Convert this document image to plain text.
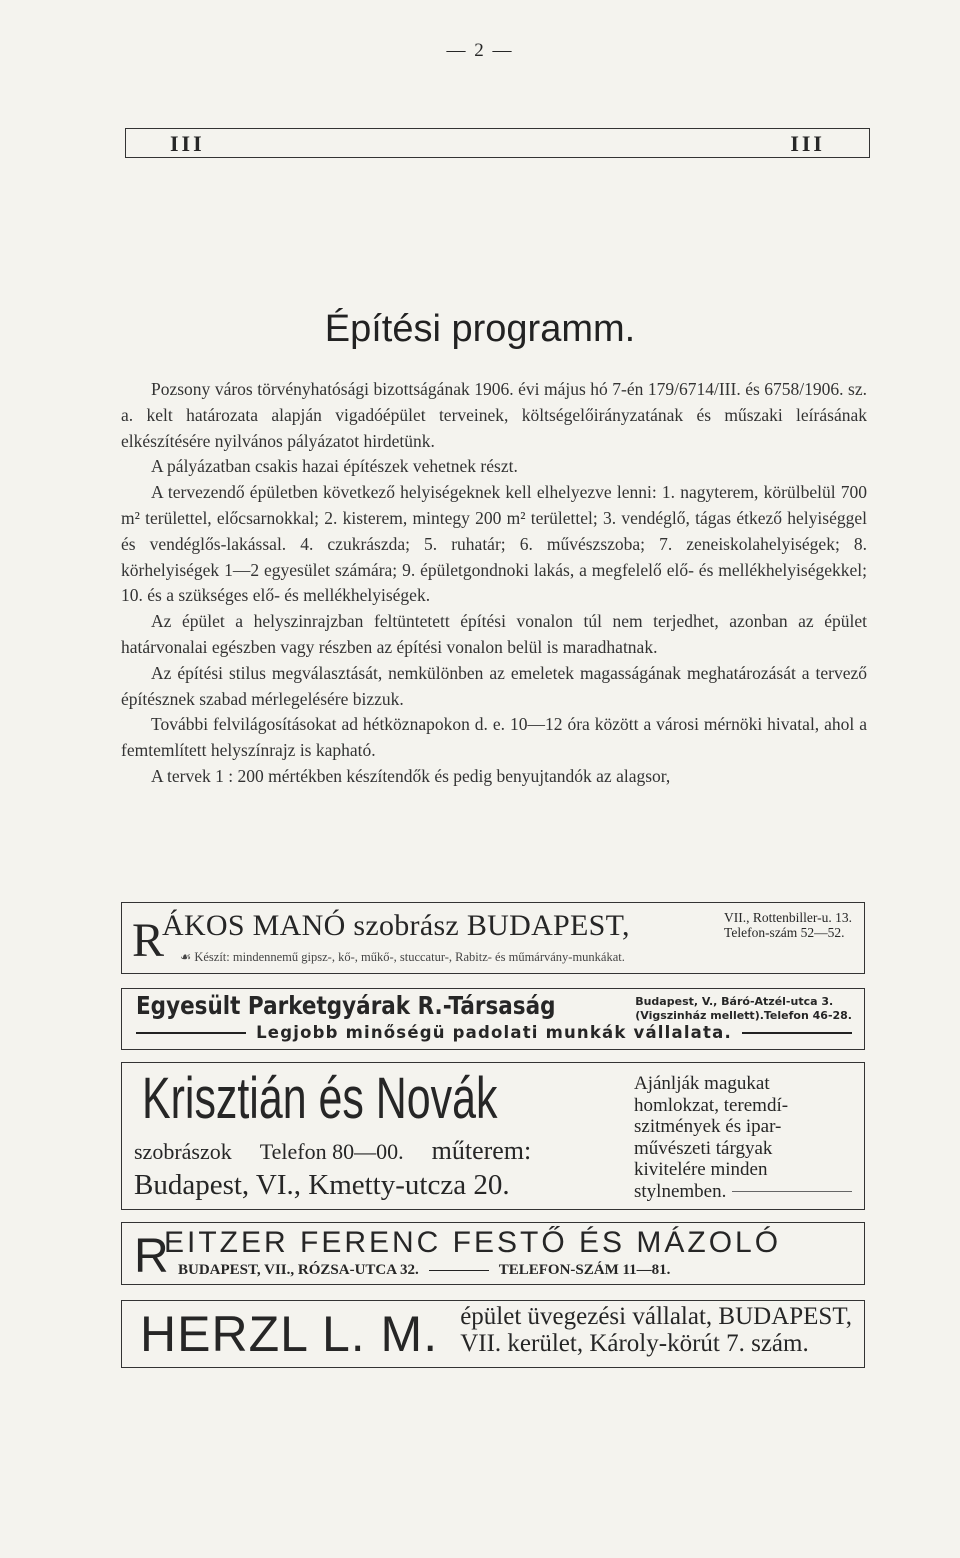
— 2 —
III	III
Építési programm.

Pozsony város törvényhatósági bizottságának 1906. évi május hó 7-én 179/6714/III. és 6758/1906. sz. a. kelt határozata alapján vigadóépület terveinek, költségelőirányzatának és műszaki leírásának elkészítésére nyilvános pályázatot hirdetünk.

A pályázatban csakis hazai építészek vehetnek részt.

A tervezendő épületben következő helyiségeknek kell elhelyezve lenni: 1. nagyterem, körülbelül 700 m² területtel, előcsarnokkal; 2. kisterem, mintegy 200 m² területtel; 3. vendéglő, tágas étkező helyiséggel és vendéglős-lakással. 4. czukrászda; 5. ruhatár; 6. művészszoba; 7. zeneiskolahelyiségek; 8. körhelyiségek 1—2 egyesület számára; 9. épületgondnoki lakás, a megfelelő elő- és mellékhelyiségekkel; 10. és a szükséges elő- és mellékhelyiségek.

Az épület a helyszinrajzban feltüntetett építési vonalon túl nem terjedhet, azonban az épület határvonalai egészben vagy részben az építési vonalon belül is maradhatnak.

Az építési stilus megválasztását, nemkülönben az emeletek magasságának meghatározását a tervező építésznek szabad mérlegelésére bizzuk.

További felvilágosításokat ad hétköznapokon d. e. 10—12 óra között a városi mérnöki hivatal, ahol a femtemlített helyszínrajz is kapható.

A tervek 1 : 200 mértékben készítendők és pedig benyujtandók az alagsor,

R
ÁKOS MANÓ szobrász BUDAPEST,	VII., Rottenbiller-u. 13.
Telefon-szám 52—52.
☙ Készít: mindennemű gipsz-, kő-, műkő-, stuccatur-, Rabitz- és műmárvány-munkákat.
Egyesült Parketgyárak R.-Társaság	Budapest, V., Báró-Atzél-utca 3.
(Vigszinház mellett).Telefon 46-28.
Legjobb minőségü padolati munkák vállalata.
Krisztián és Novák
szobrászok Telefon 80—00. műterem:
Budapest, VI., Kmetty-utcza 20.
Ajánlják magukat
homlokzat, teremdí-
szitmények és ipar-
művészeti tárgyak
kivitelére minden
stylnemben.
R
EITZER FERENC FESTŐ ÉS MÁZOLÓ
BUDAPEST, VII., RÓZSA-UTCA 32.	TELEFON-SZÁM 11—81.
HERZL L. M. épület üvegezési vállalat, BUDAPEST,
VII. kerület, Károly-körút 7. szám.
